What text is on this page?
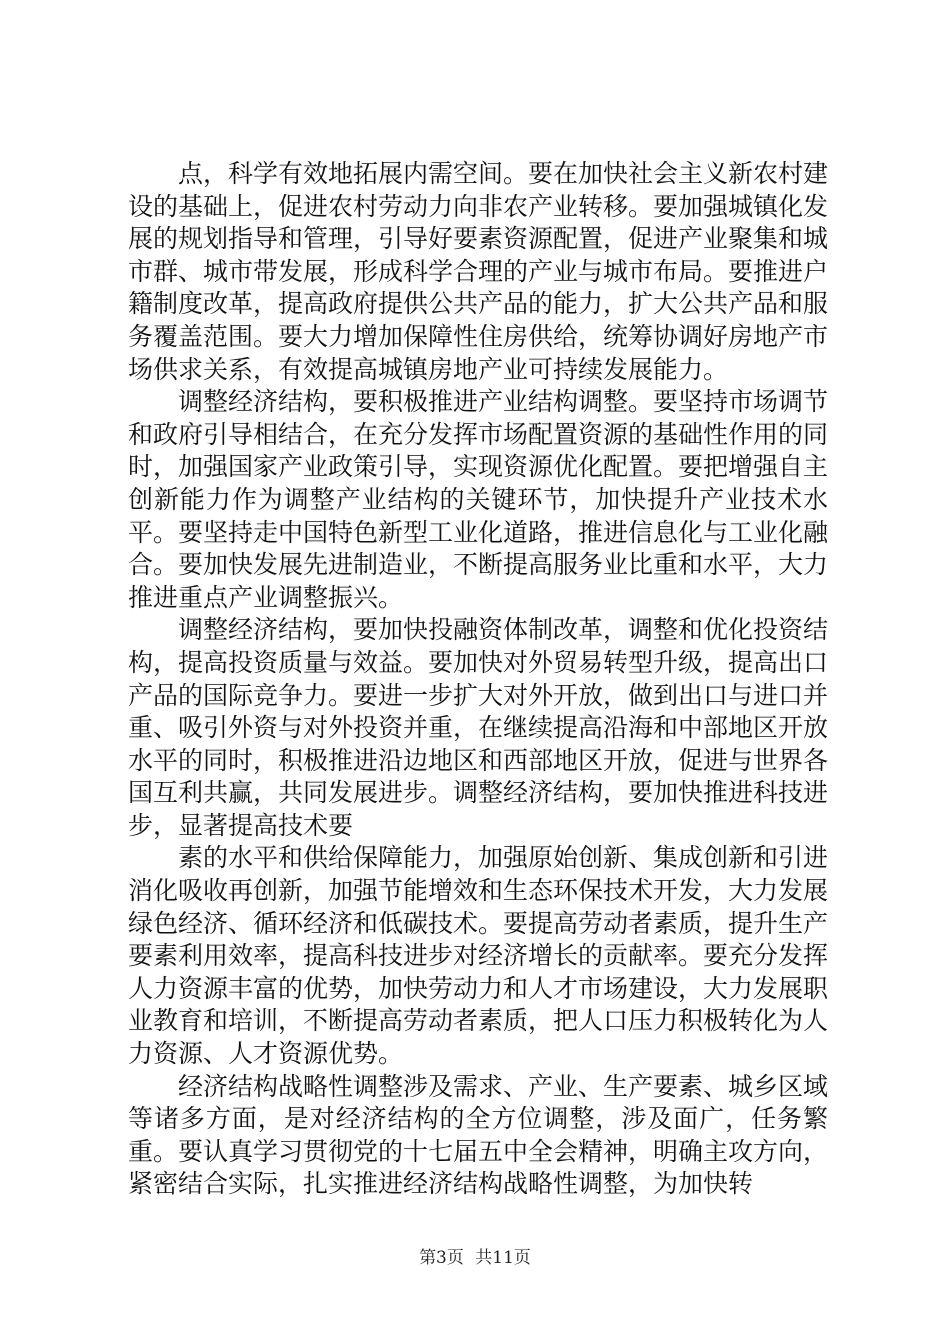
点，科学有效地拓展内需空间。要在加快社会主义新农村建设的基础上，促进农村劳动力向非农产业转移。要加强城镇化发展的规划指导和管理，引导好要素资源配置，促进产业聚集和城市群、城市带发展，形成科学合理的产业与城市布局。要推进户籍制度改革，提高政府提供公共产品的能力，扩大公共产品和服务覆盖范围。要大力增加保障性住房供给，统筹协调好房地产市场供求关系，有效提高城镇房地产业可持续发展能力。

调整经济结构，要积极推进产业结构调整。要坚持市场调节和政府引导相结合，在充分发挥市场配置资源的基础性作用的同时，加强国家产业政策引导，实现资源优化配置。要把增强自主创新能力作为调整产业结构的关键环节，加快提升产业技术水平。要坚持走中国特色新型工业化道路，推进信息化与工业化融合。要加快发展先进制造业，不断提高服务业比重和水平，大力推进重点产业调整振兴。

调整经济结构，要加快投融资体制改革，调整和优化投资结构，提高投资质量与效益。要加快对外贸易转型升级，提高出口产品的国际竞争力。要进一步扩大对外开放，做到出口与进口并重、吸引外资与对外投资并重，在继续提高沿海和中部地区开放水平的同时，积极推进沿边地区和西部地区开放，促进与世界各国互利共赢，共同发展进步。调整经济结构，要加快推进科技进步，显著提高技术要

素的水平和供给保障能力，加强原始创新、集成创新和引进消化吸收再创新，加强节能增效和生态环保技术开发，大力发展绿色经济、循环经济和低碳技术。要提高劳动者素质，提升生产要素利用效率，提高科技进步对经济增长的贡献率。要充分发挥人力资源丰富的优势，加快劳动力和人才市场建设，大力发展职业教育和培训，不断提高劳动者素质，把人口压力积极转化为人力资源、人才资源优势。

经济结构战略性调整涉及需求、产业、生产要素、城乡区域等诸多方面，是对经济结构的全方位调整，涉及面广，任务繁重。要认真学习贯彻党的十七届五中全会精神，明确主攻方向，紧密结合实际，扎实推进经济结构战略性调整，为加快转

第3页 共11页
